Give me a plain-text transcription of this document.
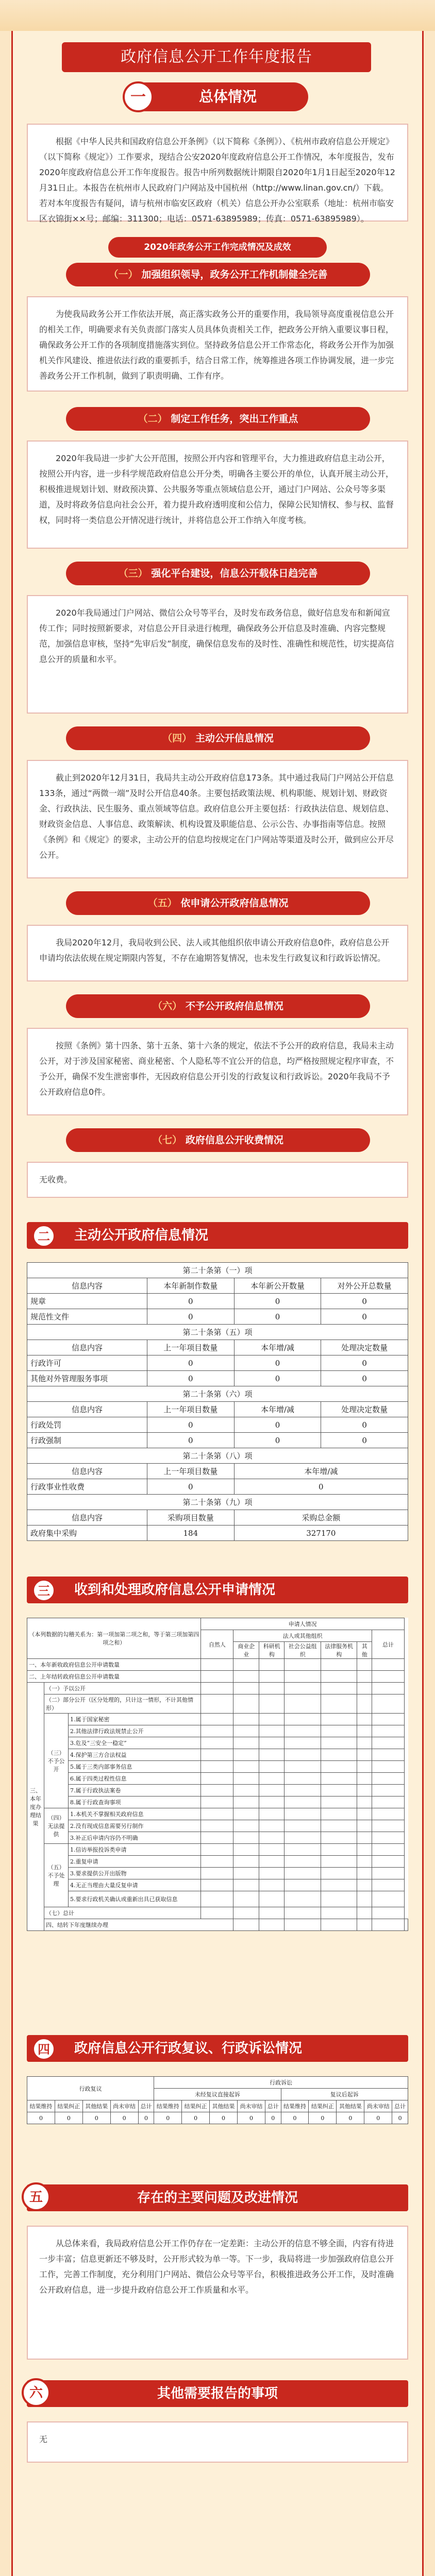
政府信息公开工作年度报告
一	总体情况

根据《中华人民共和国政府信息公开条例》（以下简称《条例》）、《杭州市政府信息公开规定》（以下简称《规定》）工作要求，现结合公安2020年度政府信息公开工作情况，本年度报告，发布2020年度政府信息公开工作年度报告。报告中所列数据统计期限自2020年1月1日起至2020年12月31日止。本报告在杭州市人民政府门户网站及中国杭州（http://www.linan.gov.cn/）下载。若对本年度报告有疑问，请与杭州市临安区政府（机关）信息公开办公室联系（地址：杭州市临安区衣锦街××号；邮编：311300；电话：0571-63895989；传真：0571-63895989）。

2020年政务公开工作完成情况及成效
（一） 加强组织领导，政务公开工作机制健全完善

为使我局政务公开工作依法开展，高正落实政务公开的重要作用，我局领导高度重视信息公开的相关工作，明确要求有关负责部门落实人员具体负责相关工作，把政务公开纳入重要议事日程，确保政务公开工作的各项制度措施落实到位。坚持政务信息公开工作常态化，将政务公开作为加强机关作风建设、推进依法行政的重要抓手，结合日常工作，统筹推进各项工作协调发展，进一步完善政务公开工作机制，做到了职责明确、工作有序。

（二） 制定工作任务，突出工作重点

2020年我局进一步扩大公开范围，按照公开内容和管理平台，大力推进政府信息主动公开，按照公开内容，进一步科学规范政府信息公开分类，明确各主要公开的单位，认真开展主动公开，积极推进规划计划、财政预决算、公共服务等重点领域信息公开，通过门户网站、公众号等多渠道，及时将政务信息向社会公开，着力提升政府透明度和公信力，保障公民知情权、参与权、监督权，同时将一类信息公开情况进行统计，并将信息公开工作纳入年度考核。

（三） 强化平台建设，信息公开载体日趋完善

2020年我局通过门户网站、微信公众号等平台，及时发布政务信息，做好信息发布和新闻宣传工作；同时按照新要求，对信息公开目录进行梳理，确保政务公开信息及时准确、内容完整规范，加强信息审核，坚持“先审后发”制度，确保信息发布的及时性、准确性和规范性，切实提高信息公开的质量和水平。

（四） 主动公开信息情况

截止到2020年12月31日，我局共主动公开政府信息173条。其中通过我局门户网站公开信息133条，通过“两微一端”及时公开信息40条。主要包括政策法规、机构职能、规划计划、财政资金、行政执法、民生服务、重点领域等信息。政府信息公开主要包括：行政执法信息、规划信息、财政资金信息、人事信息、政策解读、机构设置及职能信息、公示公告、办事指南等信息。按照《条例》和《规定》的要求，主动公开的信息均按规定在门户网站等渠道及时公开，做到应公开尽公开。

（五） 依申请公开政府信息情况

我局2020年12月，我局收到公民、法人或其他组织依申请公开政府信息0件，政府信息公开申请均依法依规在规定期限内答复，不存在逾期答复情况，也未发生行政复议和行政诉讼情况。

（六） 不予公开政府信息情况

按照《条例》第十四条、第十五条、第十六条的规定，依法不予公开的政府信息，我局未主动公开，对于涉及国家秘密、商业秘密、个人隐私等不宜公开的信息，均严格按照规定程序审查，不予公开，确保不发生泄密事件，无因政府信息公开引发的行政复议和行政诉讼。2020年我局不予公开政府信息0件。

（七） 政府信息公开收费情况

无收费。

二 主动公开政府信息情况
第二十条第（一）项			
信息内容	本年新制作数量	本年新公开数量	对外公开总数量
规章	0	0	0
规范性文件	0	0	0
第二十条第（五）项			
信息内容	上一年项目数量	本年增/减	处理决定数量
行政许可	0	0	0
其他对外管理服务事项	0	0	0
第二十条第（六）项			
信息内容	上一年项目数量	本年增/减	处理决定数量
行政处罚	0	0	0
行政强制	0	0	0
第二十条第（八）项			
信息内容	上一年项目数量	本年增/减	
行政事业性收费	0	0	
第二十条第（九）项			
信息内容	采购项目数量	采购总金额	
政府集中采购	184	327170	
三 收到和处理政府信息公开申请情况
（本列数据的勾稽关系为：第一项加第二项之和，等于第三项加第四项之和）			申请人情况							
			自然人	法人或其他组织					总计	
				商业企业	科研机构	社会公益组织	法律服务机构	其他		
一、本年新收政府信息公开申请数量										
二、上年结转政府信息公开申请数量										
三、本年度办理结果	（一）予以公开									
	（二）部分公开（区分处理的，只计这一情形，不计其他情形）									
	（三）不予公开	1.属于国家秘密								
		2.其他法律行政法规禁止公开								
		3.危及“三安全一稳定”								
		4.保护第三方合法权益								
		5.属于三类内部事务信息								
		6.属于四类过程性信息								
		7.属于行政执法案卷								
		8.属于行政查询事项								
	（四）无法提供	1.本机关不掌握相关政府信息								
		2.没有现成信息需要另行制作								
		3.补正后申请内容仍不明确								
	（五）不予处理	1.信访举报投诉类申请								
		2.重复申请								
		3.要求提供公开出版物								
		4.无正当理由大量反复申请								
		5.要求行政机关确认或重新出具已获取信息								
	（七）总计									
	四、结转下年度继续办理									
四 政府信息公开行政复议、行政诉讼情况
行政复议					行政诉讼									
					未经复议直接起诉					复议后起诉				
结果维持	结果纠正	其他结果	尚未审结	总计	结果维持	结果纠正	其他结果	尚未审结	总计	结果维持	结果纠正	其他结果	尚未审结	总计
0	0	0	0	0	0	0	0	0	0	0	0	0	0	0
五	存在的主要问题及改进情况

从总体来看，我局政府信息公开工作仍存在一定差距：主动公开的信息不够全面，内容有待进一步丰富；信息更新还不够及时，公开形式较为单一等。下一步，我局将进一步加强政府信息公开工作，完善工作制度，充分利用门户网站、微信公众号等平台，积极推进政务公开工作，及时准确公开政府信息，进一步提升政府信息公开工作质量和水平。

六	其他需要报告的事项

无
